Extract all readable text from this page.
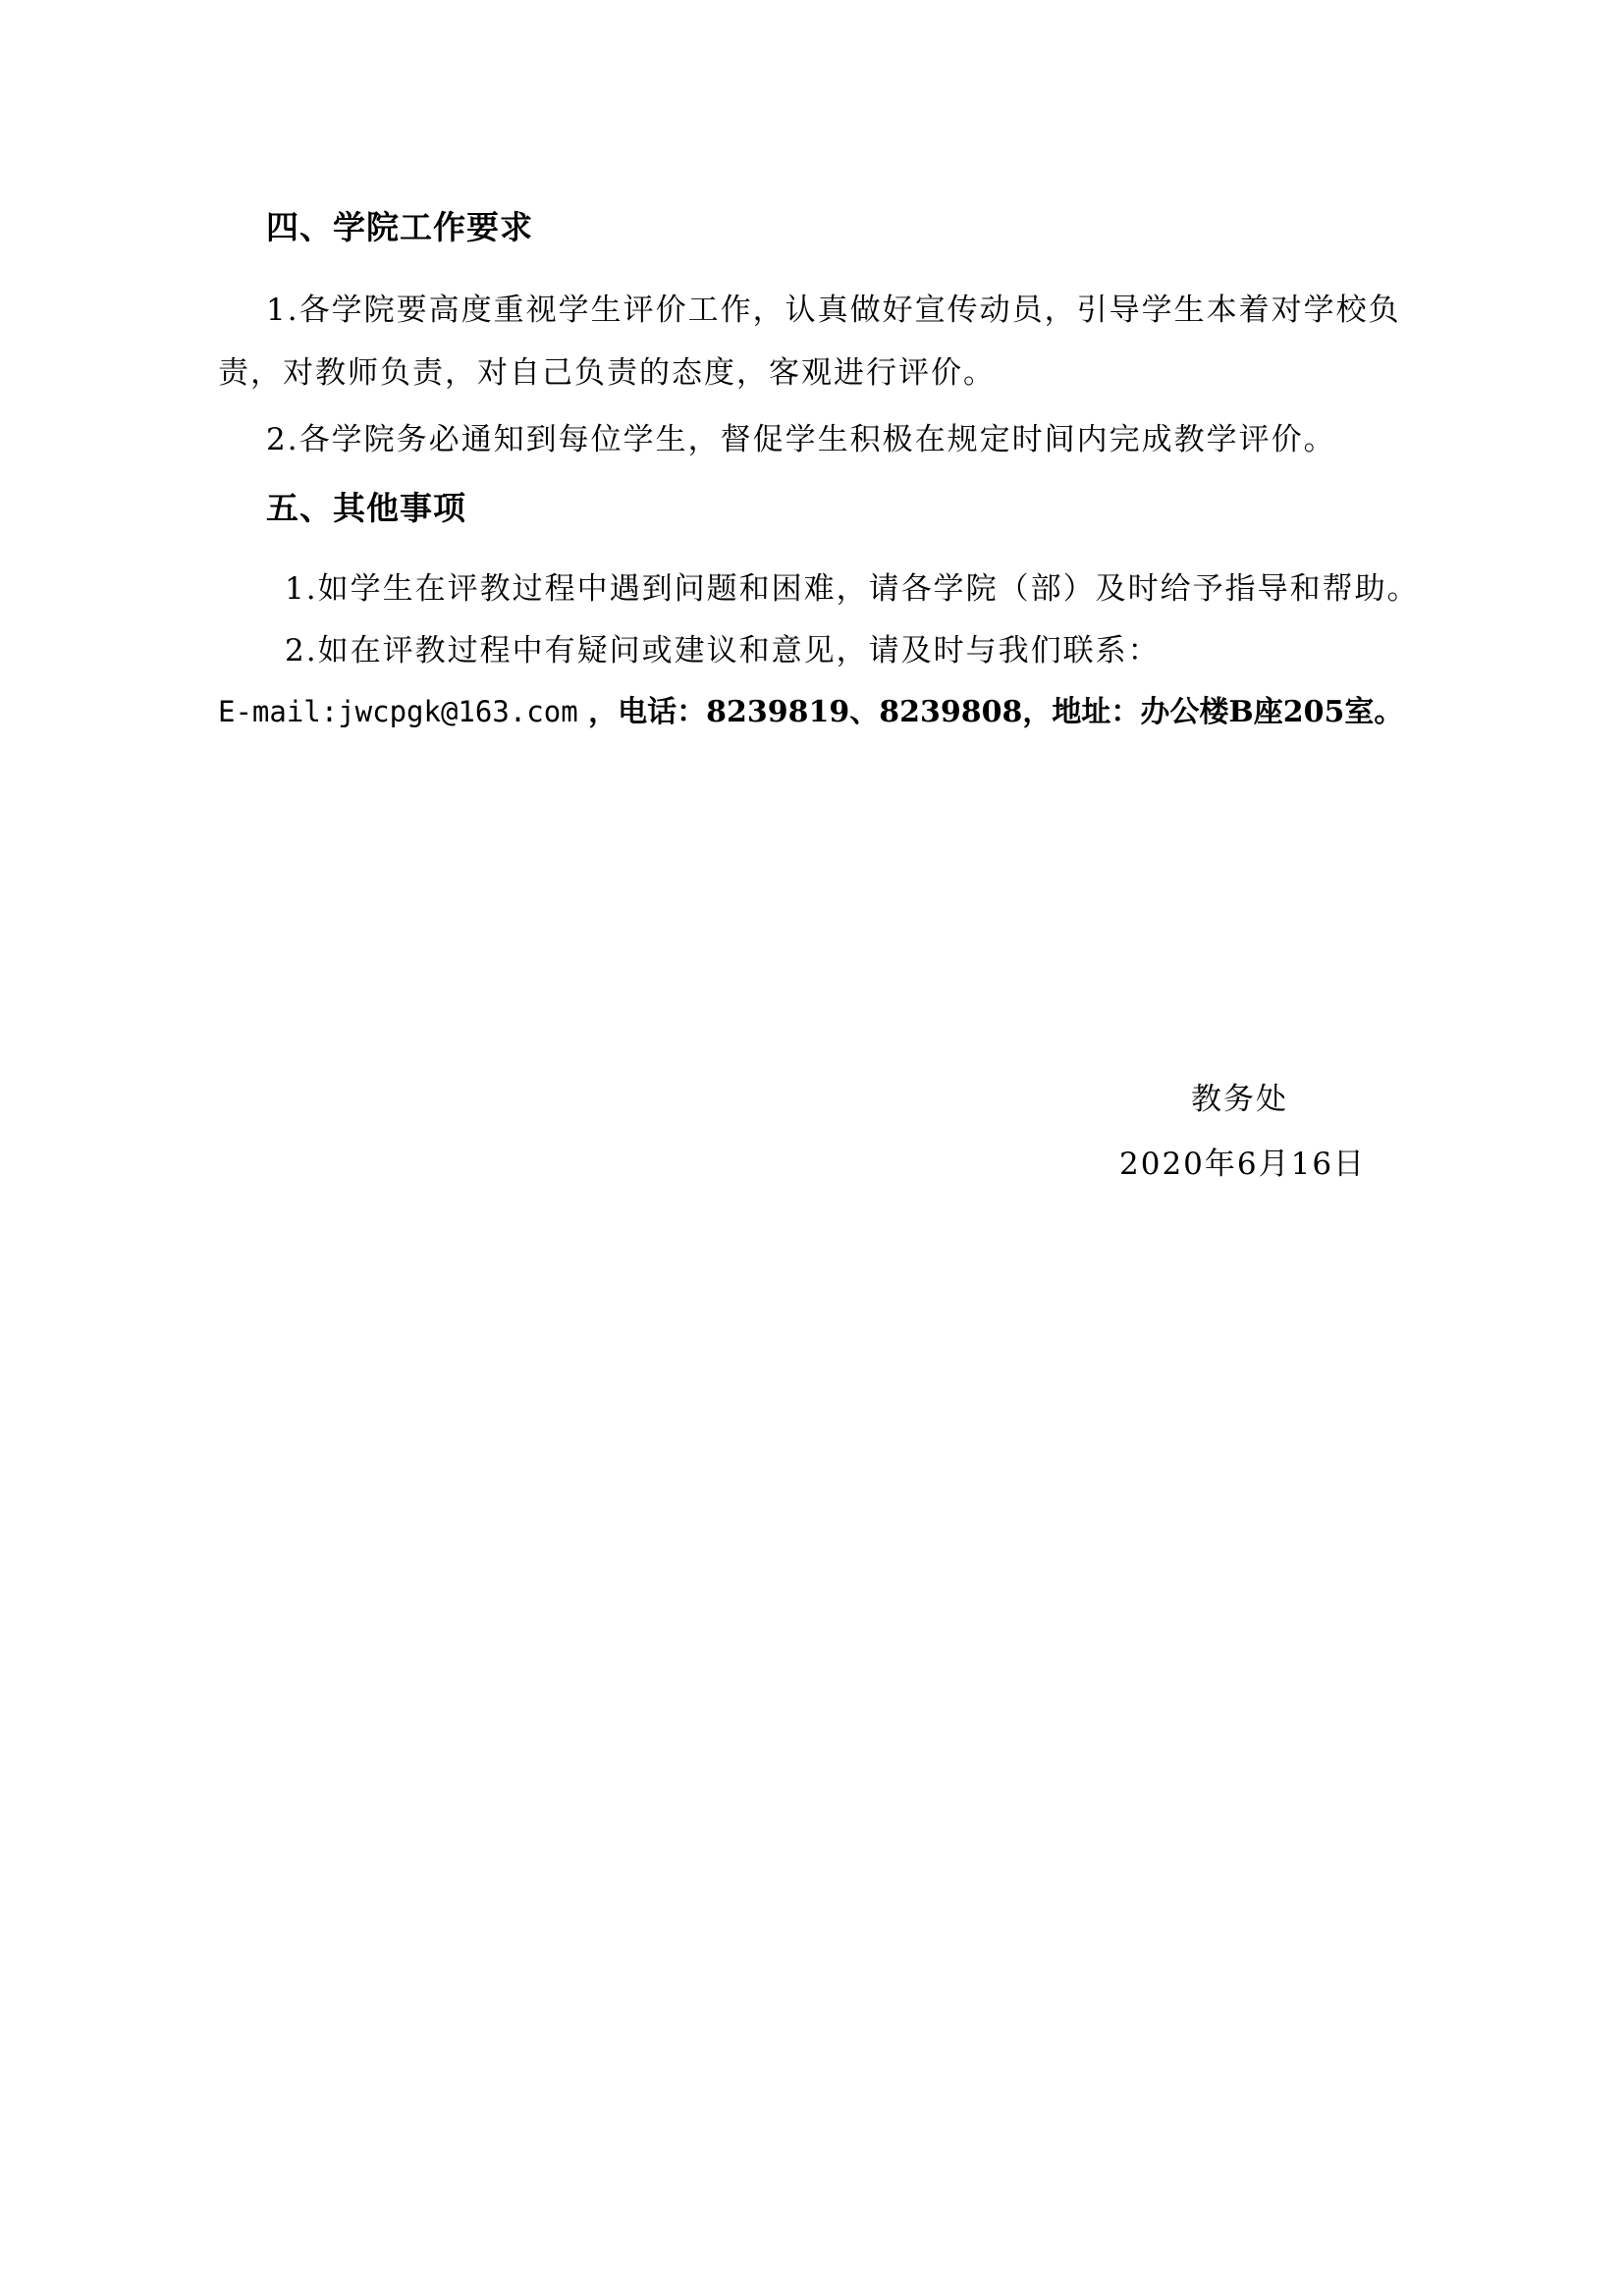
四、学院工作要求
1.各学院要高度重视学生评价工作，认真做好宣传动员，引导学生本着对学校负
责，对教师负责，对自己负责的态度，客观进行评价。
2.各学院务必通知到每位学生，督促学生积极在规定时间内完成教学评价。
五、其他事项
1.如学生在评教过程中遇到问题和困难，请各学院（部）及时给予指导和帮助。
2.如在评教过程中有疑问或建议和意见，请及时与我们联系：
E-mail:jwcpgk@163.com ，电话：8239819、8239808，地址：办公楼B座205室。
教务处
2020年6月16日
